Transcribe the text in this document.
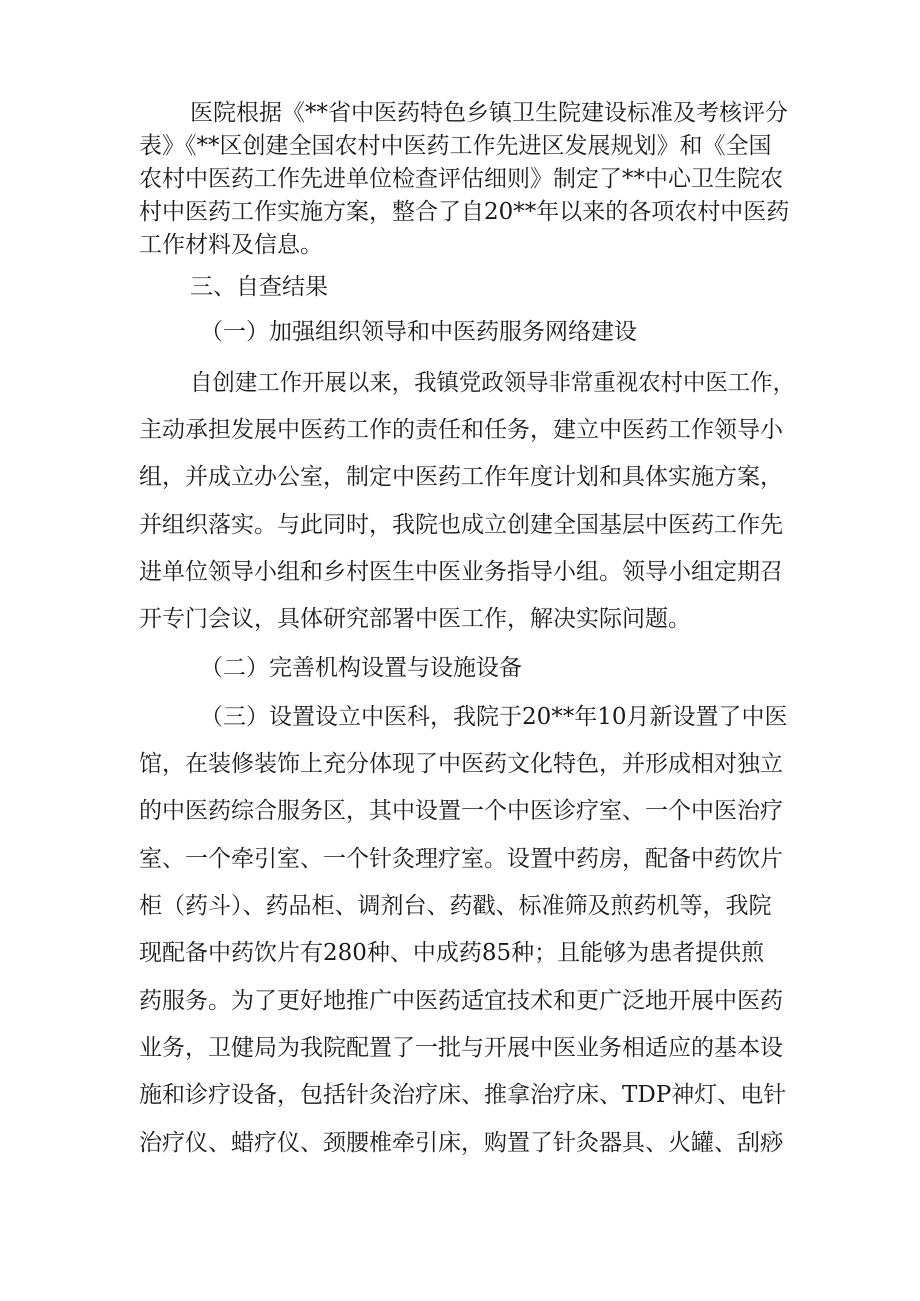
医院根据《**省中医药特色乡镇卫生院建设标准及考核评分
表》《**区创建全国农村中医药工作先进区发展规划》和《全国
农村中医药工作先进单位检查评估细则》制定了**中心卫生院农
村中医药工作实施方案，整合了自20**年以来的各项农村中医药
工作材料及信息。
三、自查结果
（一）加强组织领导和中医药服务网络建设
自创建工作开展以来，我镇党政领导非常重视农村中医工作，
主动承担发展中医药工作的责任和任务，建立中医药工作领导小
组，并成立办公室，制定中医药工作年度计划和具体实施方案，
并组织落实。与此同时，我院也成立创建全国基层中医药工作先
进单位领导小组和乡村医生中医业务指导小组。领导小组定期召
开专门会议，具体研究部署中医工作，解决实际问题。
（二）完善机构设置与设施设备
（三）设置设立中医科，我院于20**年10月新设置了中医
馆，在装修装饰上充分体现了中医药文化特色，并形成相对独立
的中医药综合服务区，其中设置一个中医诊疗室、一个中医治疗
室、一个牵引室、一个针灸理疗室。设置中药房，配备中药饮片
柜（药斗）、药品柜、调剂台、药戳、标准筛及煎药机等，我院
现配备中药饮片有280种、中成药85种；且能够为患者提供煎
药服务。为了更好地推广中医药适宜技术和更广泛地开展中医药
业务，卫健局为我院配置了一批与开展中医业务相适应的基本设
施和诊疗设备，包括针灸治疗床、推拿治疗床、TDP神灯、电针
治疗仪、蜡疗仪、颈腰椎牵引床，购置了针灸器具、火罐、刮痧
